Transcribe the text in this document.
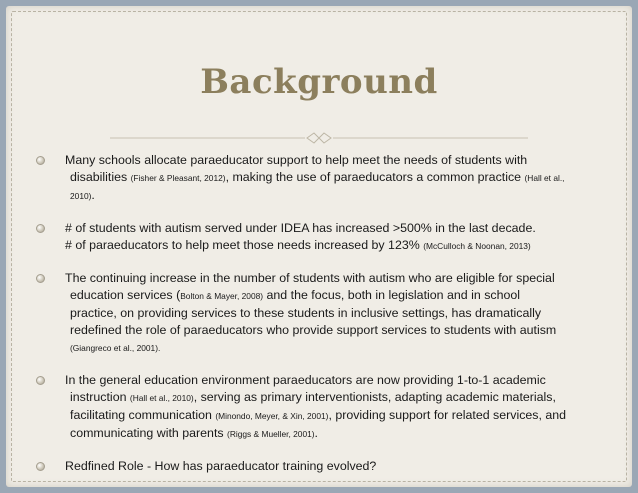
Background
Many schools allocate paraeducator support to help meet the needs of students with
disabilities (Fisher & Pleasant, 2012), making the use of paraeducators a common practice (Hall et al.,
2010).
# of students with autism served under IDEA has increased >500% in the last decade.
# of paraeducators to help meet those needs increased by 123% (McCulloch & Noonan, 2013)
The continuing increase in the number of students with autism who are eligible for special
education services (Bolton & Mayer, 2008) and the focus, both in legislation and in school
practice, on providing services to these students in inclusive settings, has dramatically
redefined the role of paraeducators who provide support services to students with autism
(Giangreco et al., 2001).
In the general education environment paraeducators are now providing 1-to-1 academic
instruction (Hall et al., 2010), serving as primary interventionists, adapting academic materials,
facilitating communication (Minondo, Meyer, & Xin, 2001), providing support for related services, and
communicating with parents (Riggs & Mueller, 2001).
Redfined Role - How has paraeducator training evolved?
